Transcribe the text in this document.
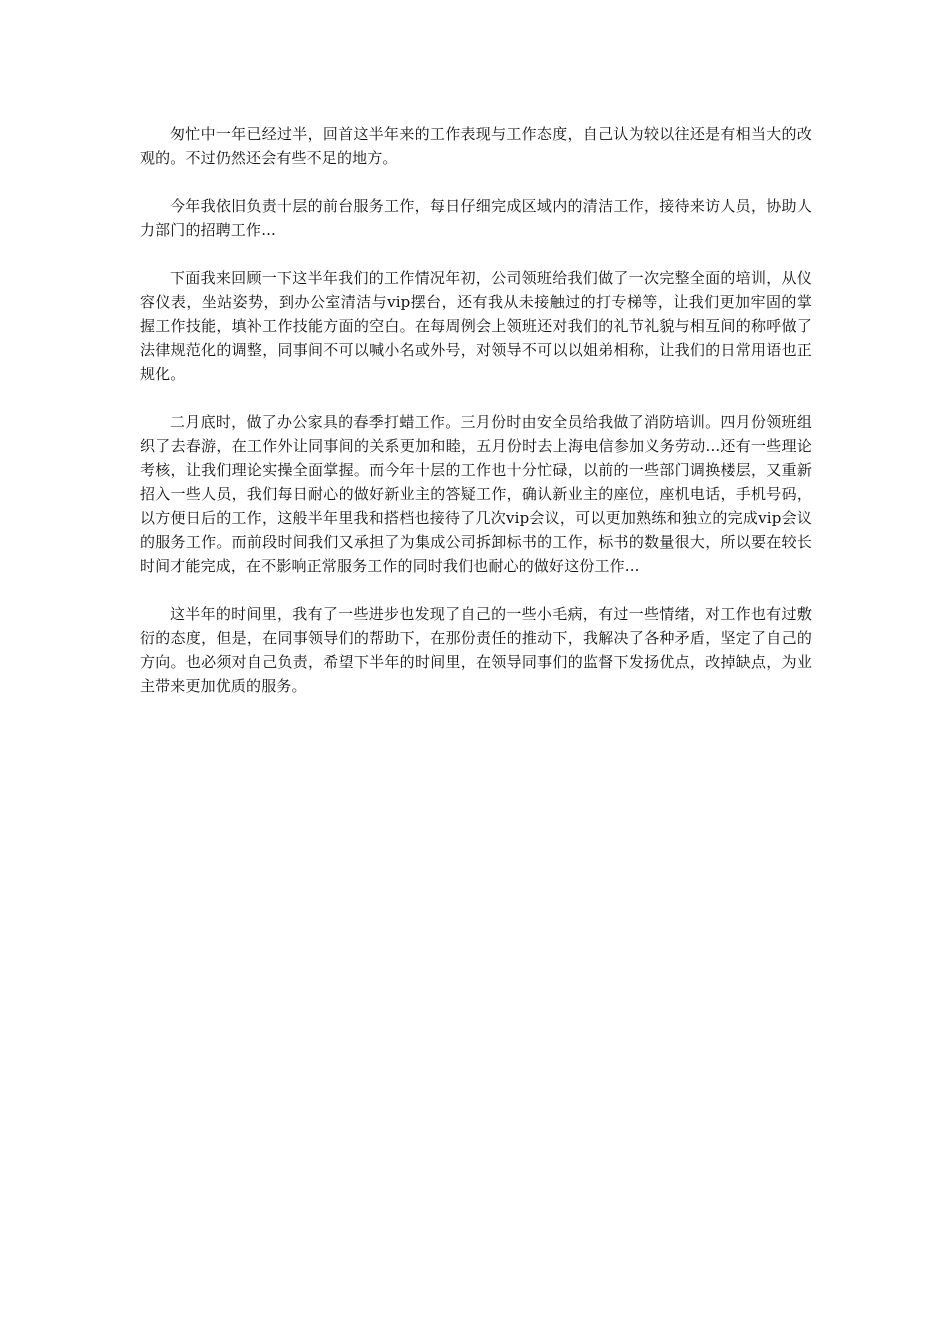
匆忙中一年已经过半，回首这半年来的工作表现与工作态度，自己认为较以往还是有相当大的改观的。不过仍然还会有些不足的地方。

今年我依旧负责十层的前台服务工作，每日仔细完成区域内的清洁工作，接待来访人员，协助人力部门的招聘工作...

下面我来回顾一下这半年我们的工作情况年初，公司领班给我们做了一次完整全面的培训，从仪容仪表，坐站姿势，到办公室清洁与vip摆台，还有我从未接触过的打专梯等，让我们更加牢固的掌握工作技能，填补工作技能方面的空白。在每周例会上领班还对我们的礼节礼貌与相互间的称呼做了法律规范化的调整，同事间不可以喊小名或外号，对领导不可以以姐弟相称，让我们的日常用语也正规化。

二月底时，做了办公家具的春季打蜡工作。三月份时由安全员给我做了消防培训。四月份领班组织了去春游，在工作外让同事间的关系更加和睦，五月份时去上海电信参加义务劳动...还有一些理论考核，让我们理论实操全面掌握。而今年十层的工作也十分忙碌，以前的一些部门调换楼层，又重新招入一些人员，我们每日耐心的做好新业主的答疑工作，确认新业主的座位，座机电话，手机号码，以方便日后的工作，这般半年里我和搭档也接待了几次vip会议，可以更加熟练和独立的完成vip会议的服务工作。而前段时间我们又承担了为集成公司拆卸标书的工作，标书的数量很大，所以要在较长时间才能完成，在不影响正常服务工作的同时我们也耐心的做好这份工作...

这半年的时间里，我有了一些进步也发现了自己的一些小毛病，有过一些情绪，对工作也有过敷衍的态度，但是，在同事领导们的帮助下，在那份责任的推动下，我解决了各种矛盾，坚定了自己的方向。也必须对自己负责，希望下半年的时间里，在领导同事们的监督下发扬优点，改掉缺点，为业主带来更加优质的服务。
